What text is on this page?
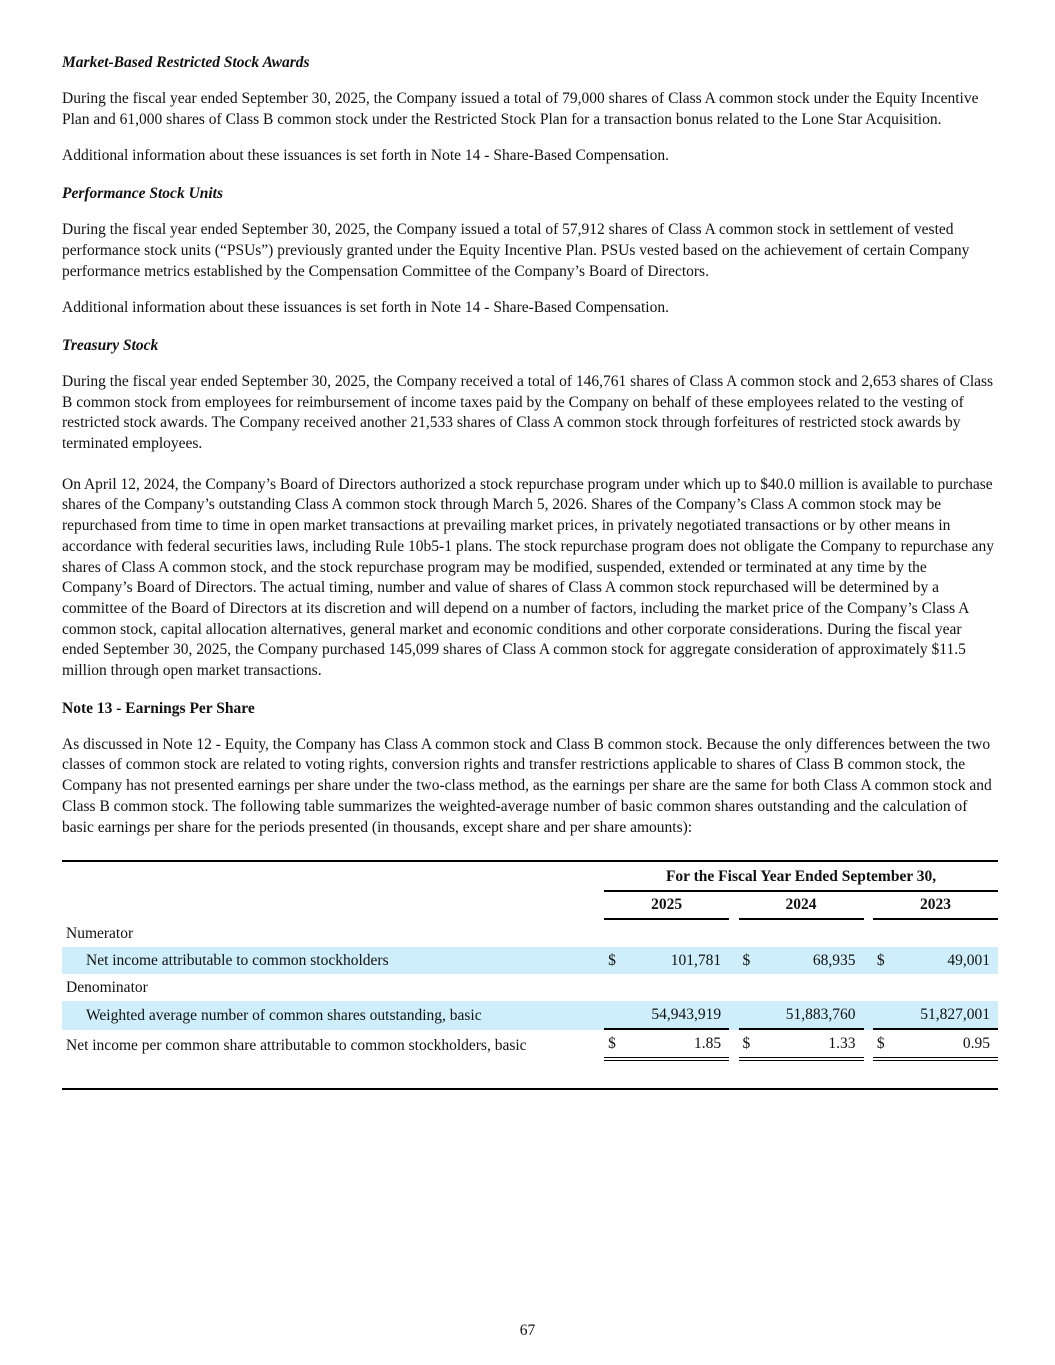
Market-Based Restricted Stock Awards

During the fiscal year ended September 30, 2025, the Company issued a total of 79,000 shares of Class A common stock under the Equity Incentive Plan and 61,000 shares of Class B common stock under the Restricted Stock Plan for a transaction bonus related to the Lone Star Acquisition.

Additional information about these issuances is set forth in Note 14 - Share-Based Compensation.

Performance Stock Units

During the fiscal year ended September 30, 2025, the Company issued a total of 57,912 shares of Class A common stock in settlement of vested performance stock units (“PSUs”) previously granted under the Equity Incentive Plan. PSUs vested based on the achievement of certain Company performance metrics established by the Compensation Committee of the Company’s Board of Directors.

Additional information about these issuances is set forth in Note 14 - Share-Based Compensation.

Treasury Stock

During the fiscal year ended September 30, 2025, the Company received a total of 146,761 shares of Class A common stock and 2,653 shares of Class B common stock from employees for reimbursement of income taxes paid by the Company on behalf of these employees related to the vesting of restricted stock awards. The Company received another 21,533 shares of Class A common stock through forfeitures of restricted stock awards by terminated employees.

On April 12, 2024, the Company’s Board of Directors authorized a stock repurchase program under which up to $40.0 million is available to purchase shares of the Company’s outstanding Class A common stock through March 5, 2026. Shares of the Company’s Class A common stock may be repurchased from time to time in open market transactions at prevailing market prices, in privately negotiated transactions or by other means in accordance with federal securities laws, including Rule 10b5-1 plans. The stock repurchase program does not obligate the Company to repurchase any shares of Class A common stock, and the stock repurchase program may be modified, suspended, extended or terminated at any time by the Company’s Board of Directors. The actual timing, number and value of shares of Class A common stock repurchased will be determined by a committee of the Board of Directors at its discretion and will depend on a number of factors, including the market price of the Company’s Class A common stock, capital allocation alternatives, general market and economic conditions and other corporate considerations. During the fiscal year ended September 30, 2025, the Company purchased 145,099 shares of Class A common stock for aggregate consideration of approximately $11.5 million through open market transactions.

Note 13 - Earnings Per Share

As discussed in Note 12 - Equity, the Company has Class A common stock and Class B common stock. Because the only differences between the two classes of common stock are related to voting rights, conversion rights and transfer restrictions applicable to shares of Class B common stock, the Company has not presented earnings per share under the two-class method, as the earnings per share are the same for both Class A common stock and Class B common stock. The following table summarizes the weighted-average number of basic common shares outstanding and the calculation of basic earnings per share for the periods presented (in thousands, except share and per share amounts):

	For the Fiscal Year Ended September 30,							

	2025			2024			2023	

Numerator								
Net income attributable to common stockholders	$	101,781		$	68,935		$	49,001
Denominator								
Weighted average number of common shares outstanding, basic	54,943,919			51,883,760			51,827,001	

Net income per common share attributable to common stockholders, basic	$ 1.85			$ 1.33			$ 0.95	

67
